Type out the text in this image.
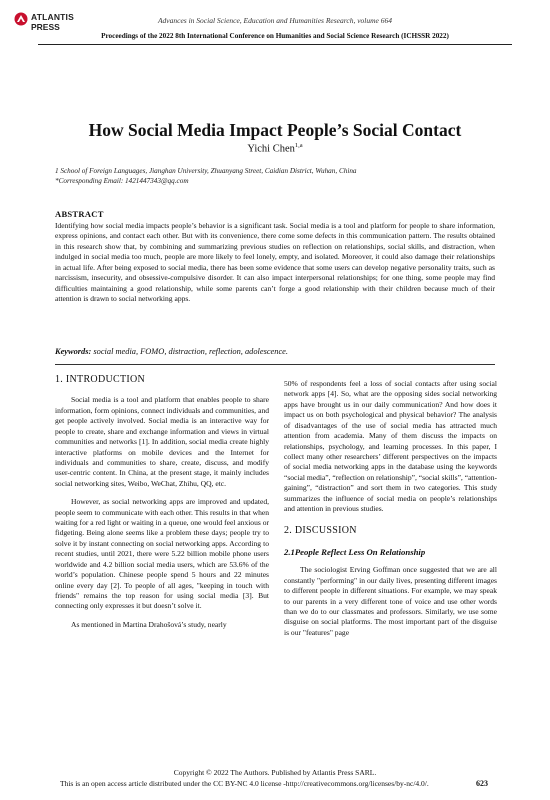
ATLANTIS
PRESS
Advances in Social Science, Education and Humanities Research, volume 664
Proceedings of the 2022 8th International Conference on Humanities and Social Science Research (ICHSSR 2022)
How Social Media Impact People’s Social Contact
Yichi Chen$^{1,a}$
1 School of Foreign Languages, Jianghan University, Zhuanyang Street, Caidian District, Wuhan, China
*Corresponding Email: 1421447343@qq.com
ABSTRACT
Identifying how social media impacts people’s behavior is a significant task. Social media is a tool and platform for people to share information, express opinions, and contact each other. But with its convenience, there come some defects in this communication pattern. The results obtained in this research show that, by combining and summarizing previous studies on reflection on relationships, social skills, and distraction, when indulged in social media too much, people are more likely to feel lonely, empty, and isolated. Moreover, it could also damage their relationships in actual life. After being exposed to social media, there has been some evidence that some users can develop negative personality traits, such as narcissism, insecurity, and obsessive-compulsive disorder. It can also impact interpersonal relationships; for one thing, some people may find difficulties maintaining a good relationship, while some parents can’t forge a good relationship with their children because much of their attention is drawn to social networking apps.
Keywords: social media, FOMO, distraction, reflection, adolescence.
1. INTRODUCTION

Social media is a tool and platform that enables people to share information, form opinions, connect individuals and communities, and get people actively involved. Social media is an interactive way for people to create, share and exchange information and views in virtual communities and networks [1]. In addition, social media create highly interactive platforms on mobile devices and the Internet for individuals and communities to share, create, discuss, and modify user-centric content. In China, at the present stage, it mainly includes social networking sites, Weibo, WeChat, Zhihu, QQ, etc.

However, as social networking apps are improved and updated, people seem to communicate with each other. This results in that when waiting for a red light or waiting in a queue, one would feel anxious or fidgeting. Being alone seems like a problem these days; people try to solve it by instant connecting on social networking apps. According to recent studies, until 2021, there were 5.22 billion mobile phone users worldwide and 4.2 billion social media users, which are 53.6% of the world’s population. Chinese people spend 5 hours and 22 minutes online every day [2]. To people of all ages, "keeping in touch with friends" remains the top reason for using social media [3]. But connecting only expresses it but doesn’t solve it.

As mentioned in Martina Drahošová’s study, nearly

50% of respondents feel a loss of social contacts after using social network apps [4]. So, what are the opposing sides social networking apps have brought us in our daily communication? And how does it impact us on both psychological and physical behavior? The analysis of disadvantages of the use of social media has attracted much attention from academia. Many of them discuss the impacts on relationships, psychology, and learning processes. In this paper, I collect many other researchers’ different perspectives on the impacts of social media networking apps in the database using the keywords “social media”, “reflection on relationship”, “social skills”, “attention-gaining”, “distraction” and sort them in two categories. This study summarizes the influence of social media on people’s relationships and attention in previous studies.

2. DISCUSSION
2.1People Reflect Less On Relationship

The sociologist Erving Goffman once suggested that we are all constantly "performing" in our daily lives, presenting different images to different people in different situations. For example, we may speak to our parents in a very different tone of voice and use other words than we do to our classmates and professors. Similarly, we use some disguise on social platforms. The most important part of the disguise is our "features" page

Copyright © 2022 The Authors. Published by Atlantis Press SARL.
This is an open access article distributed under the CC BY-NC 4.0 license -http://creativecommons.org/licenses/by-nc/4.0/.	623
